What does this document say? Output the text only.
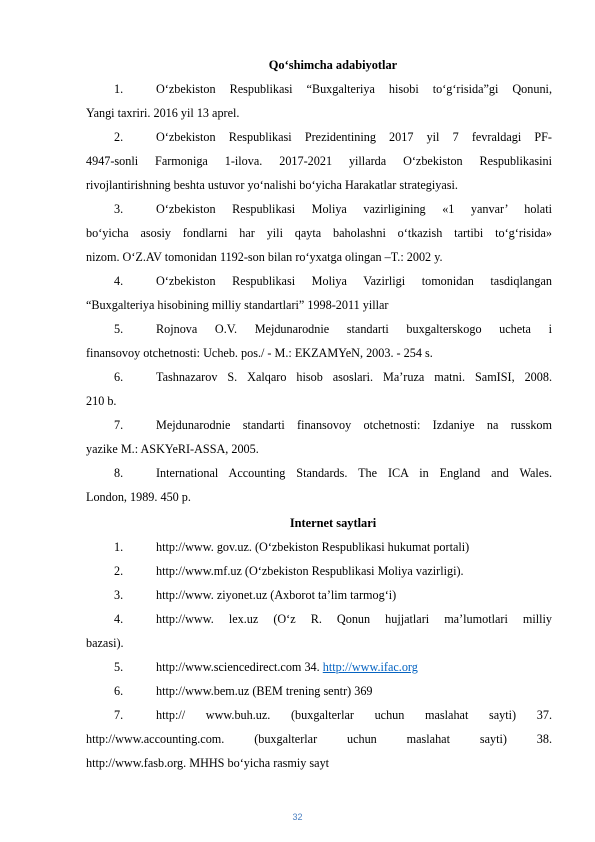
Qo‘shimcha adabiyotlar
1.	O‘zbekiston Respublikasi “Buxgalteriya hisobi to‘g‘risida”gi Qonuni,
Yangi taxriri. 2016 yil 13 aprel.
2.	O‘zbekiston Respublikasi Prezidentining 2017 yil 7 fevraldagi PF-
4947-sonli Farmoniga 1-ilova. 2017-2021 yillarda O‘zbekiston Respublikasini
rivojlantirishning beshta ustuvor yo‘nalishi bo‘yicha Harakatlar strategiyasi.
3.	O‘zbekiston Respublikasi Moliya vazirligining «1 yanvar’ holati
bo‘yicha asosiy fondlarni har yili qayta baholashni o‘tkazish tartibi to‘g‘risida»
nizom. O‘Z.AV tomonidan 1192-son bilan ro‘yxatga olingan –T.: 2002 y.
4.	O‘zbekiston Respublikasi Moliya Vazirligi tomonidan tasdiqlangan
“Buxgalteriya hisobining milliy standartlari” 1998-2011 yillar
5.	Rojnova O.V. Mejdunarodnie standarti buxgalterskogo ucheta i
finansovoy otchetnosti: Ucheb. pos./ - M.: EKZAMYeN, 2003. - 254 s.
6.	Tashnazarov S. Xalqaro hisob asoslari. Ma’ruza matni. SamISI, 2008.
210 b.
7.	Mejdunarodnie standarti finansovoy otchetnosti: Izdaniye na russkom
yazike M.: ASKYeRI-ASSA, 2005.
8.	International Accounting Standards. The ICA in England and Wales.
London, 1989. 450 p.
Internet saytlari
1.	http://www. gov.uz. (O‘zbekiston Respublikasi hukumat portali)
2.	http://www.mf.uz (O‘zbekiston Respublikasi Moliya vazirligi).
3.	http://www. ziyonet.uz (Axborot ta’lim tarmog‘i)
4.	http://www. lex.uz (O‘z R. Qonun hujjatlari ma’lumotlari milliy
bazasi).
5.	http://www.sciencedirect.com 34. http://www.ifac.org
6.	http://www.bem.uz (BEM trening sentr) 369
7.	http:// www.buh.uz. (buxgalterlar uchun maslahat sayti) 37.
http://www.accounting.com. (buxgalterlar uchun maslahat sayti) 38.
http://www.fasb.org. MHHS bo‘yicha rasmiy sayt
32
